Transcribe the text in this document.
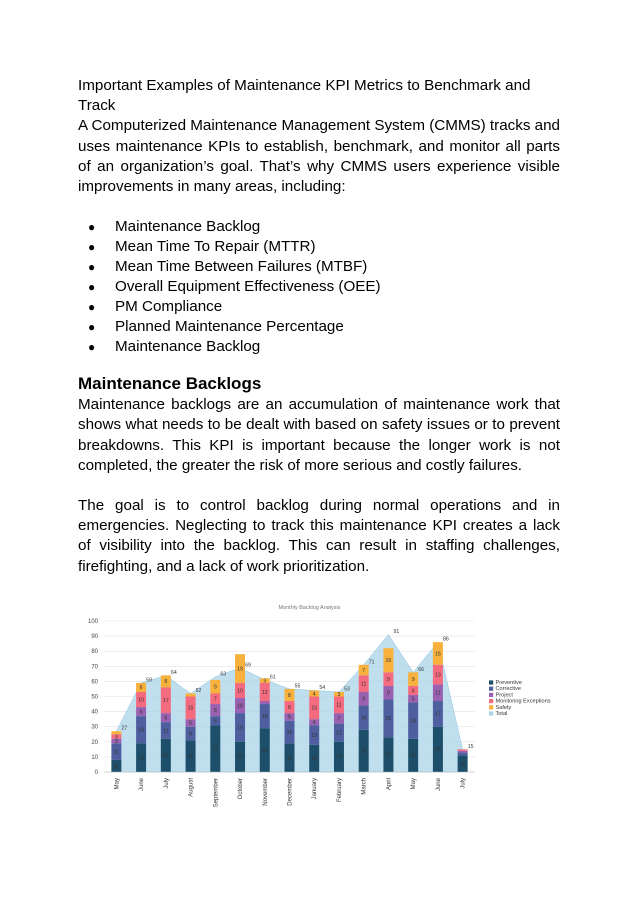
Important Examples of Maintenance KPI Metrics to Benchmark and Track

A Computerized Maintenance Management System (CMMS) tracks and uses maintenance KPIs to establish, benchmark, and monitor all parts of an organization’s goal. That’s why CMMS users experience visible improvements in many areas, including:

● Maintenance Backlog
● Mean Time To Repair (MTTR)
● Mean Time Between Failures (MTBF)
● Overall Equipment Effectiveness (OEE)
● PM Compliance
● Planned Maintenance Percentage
● Maintenance Backlog
Maintenance Backlogs

Maintenance backlogs are an accumulation of maintenance work that shows what needs to be dealt with based on safety issues or to prevent breakdowns. This KPI is important because the longer work is not completed, the greater the risk of more serious and costly failures.

The goal is to control backlog during normal operations and in emergencies. Neglecting to track this maintenance KPI creates a lack of visibility into the backlog. This can result in staffing challenges, firefighting, and a lack of work prioritization.

Monthly Backlog Analysis
0
10
20
30
40
50
60
70
80
90
100
8
11
3
3
27
May
19
18
6
10
6
59
June
22
11
6
17
8
64
July
21
9
5
15
52
August
31
6
8
7
9
63
September
20
19
10
10
19
69
October
29
16
12
3
61
November
19
15
5
8
8
55
December
18
13
4
15
4
54
January
20
12
7
11
3
53
February
28
16
9
11
7
71
March
23
25
9
9
16
91
April
22
24
5
6
9
66
May
30
17
11
13
15
86
June
11
15
July
Preventive
Corrective
Project
Monitoring Exceptions
Safety
Total
